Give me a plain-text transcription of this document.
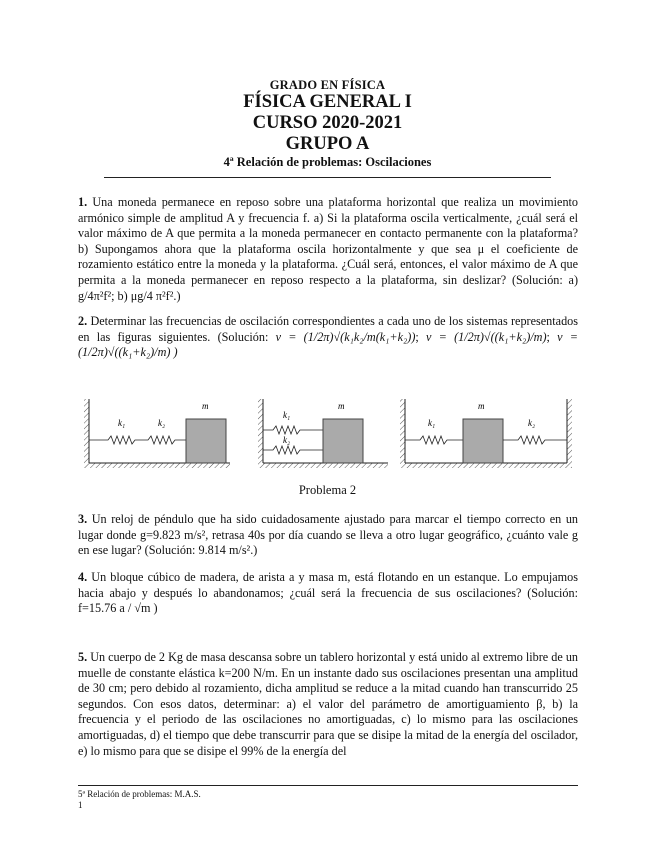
GRADO EN FÍSICA
FÍSICA GENERAL I
CURSO 2020-2021
GRUPO A
4ª Relación de problemas: Oscilaciones

1. Una moneda permanece en reposo sobre una plataforma horizontal que realiza un movimiento armónico simple de amplitud A y frecuencia f. a) Si la plataforma oscila verticalmente, ¿cuál será el valor máximo de A que permita a la moneda permanecer en contacto permanente con la plataforma? b) Supongamos ahora que la plataforma oscila horizontalmente y que sea μ el coeficiente de rozamiento estático entre la moneda y la plataforma. ¿Cuál será, entonces, el valor máximo de A que permita a la moneda permanecer en reposo respecto a la plataforma, sin deslizar? (Solución: a) g/4π²f²; b) μg/4 π²f².)

2. Determinar las frecuencias de oscilación correspondientes a cada uno de los sistemas representados en las figuras siguientes. (Solución: v = (1/2π)√(k₁k₂/m(k₁+k₂)); v = (1/2π)√((k₁+k₂)/m); v = (1/2π)√((k₁+k₂)/m) )

k₁	k₂
m
k₁
k₂
m
k₁	k₂
m
Problema 2

3. Un reloj de péndulo que ha sido cuidadosamente ajustado para marcar el tiempo correcto en un lugar donde g=9.823 m/s², retrasa 40s por día cuando se lleva a otro lugar geográfico, ¿cuánto vale g en ese lugar? (Solución: 9.814 m/s².)

4. Un bloque cúbico de madera, de arista a y masa m, está flotando en un estanque. Lo empujamos hacia abajo y después lo abandonamos; ¿cuál será la frecuencia de sus oscilaciones? (Solución: f=15.76 a / √m )

5. Un cuerpo de 2 Kg de masa descansa sobre un tablero horizontal y está unido al extremo libre de un muelle de constante elástica k=200 N/m. En un instante dado sus oscilaciones presentan una amplitud de 30 cm; pero debido al rozamiento, dicha amplitud se reduce a la mitad cuando han transcurrido 25 segundos. Con esos datos, determinar: a) el valor del parámetro de amortiguamiento β, b) la frecuencia y el periodo de las oscilaciones no amortiguadas, c) lo mismo para las oscilaciones amortiguadas, d) el tiempo que debe transcurrir para que se disipe la mitad de la energía del oscilador, e) lo mismo para que se disipe el 99% de la energía del

5ª Relación de problemas: M.A.S.
1
